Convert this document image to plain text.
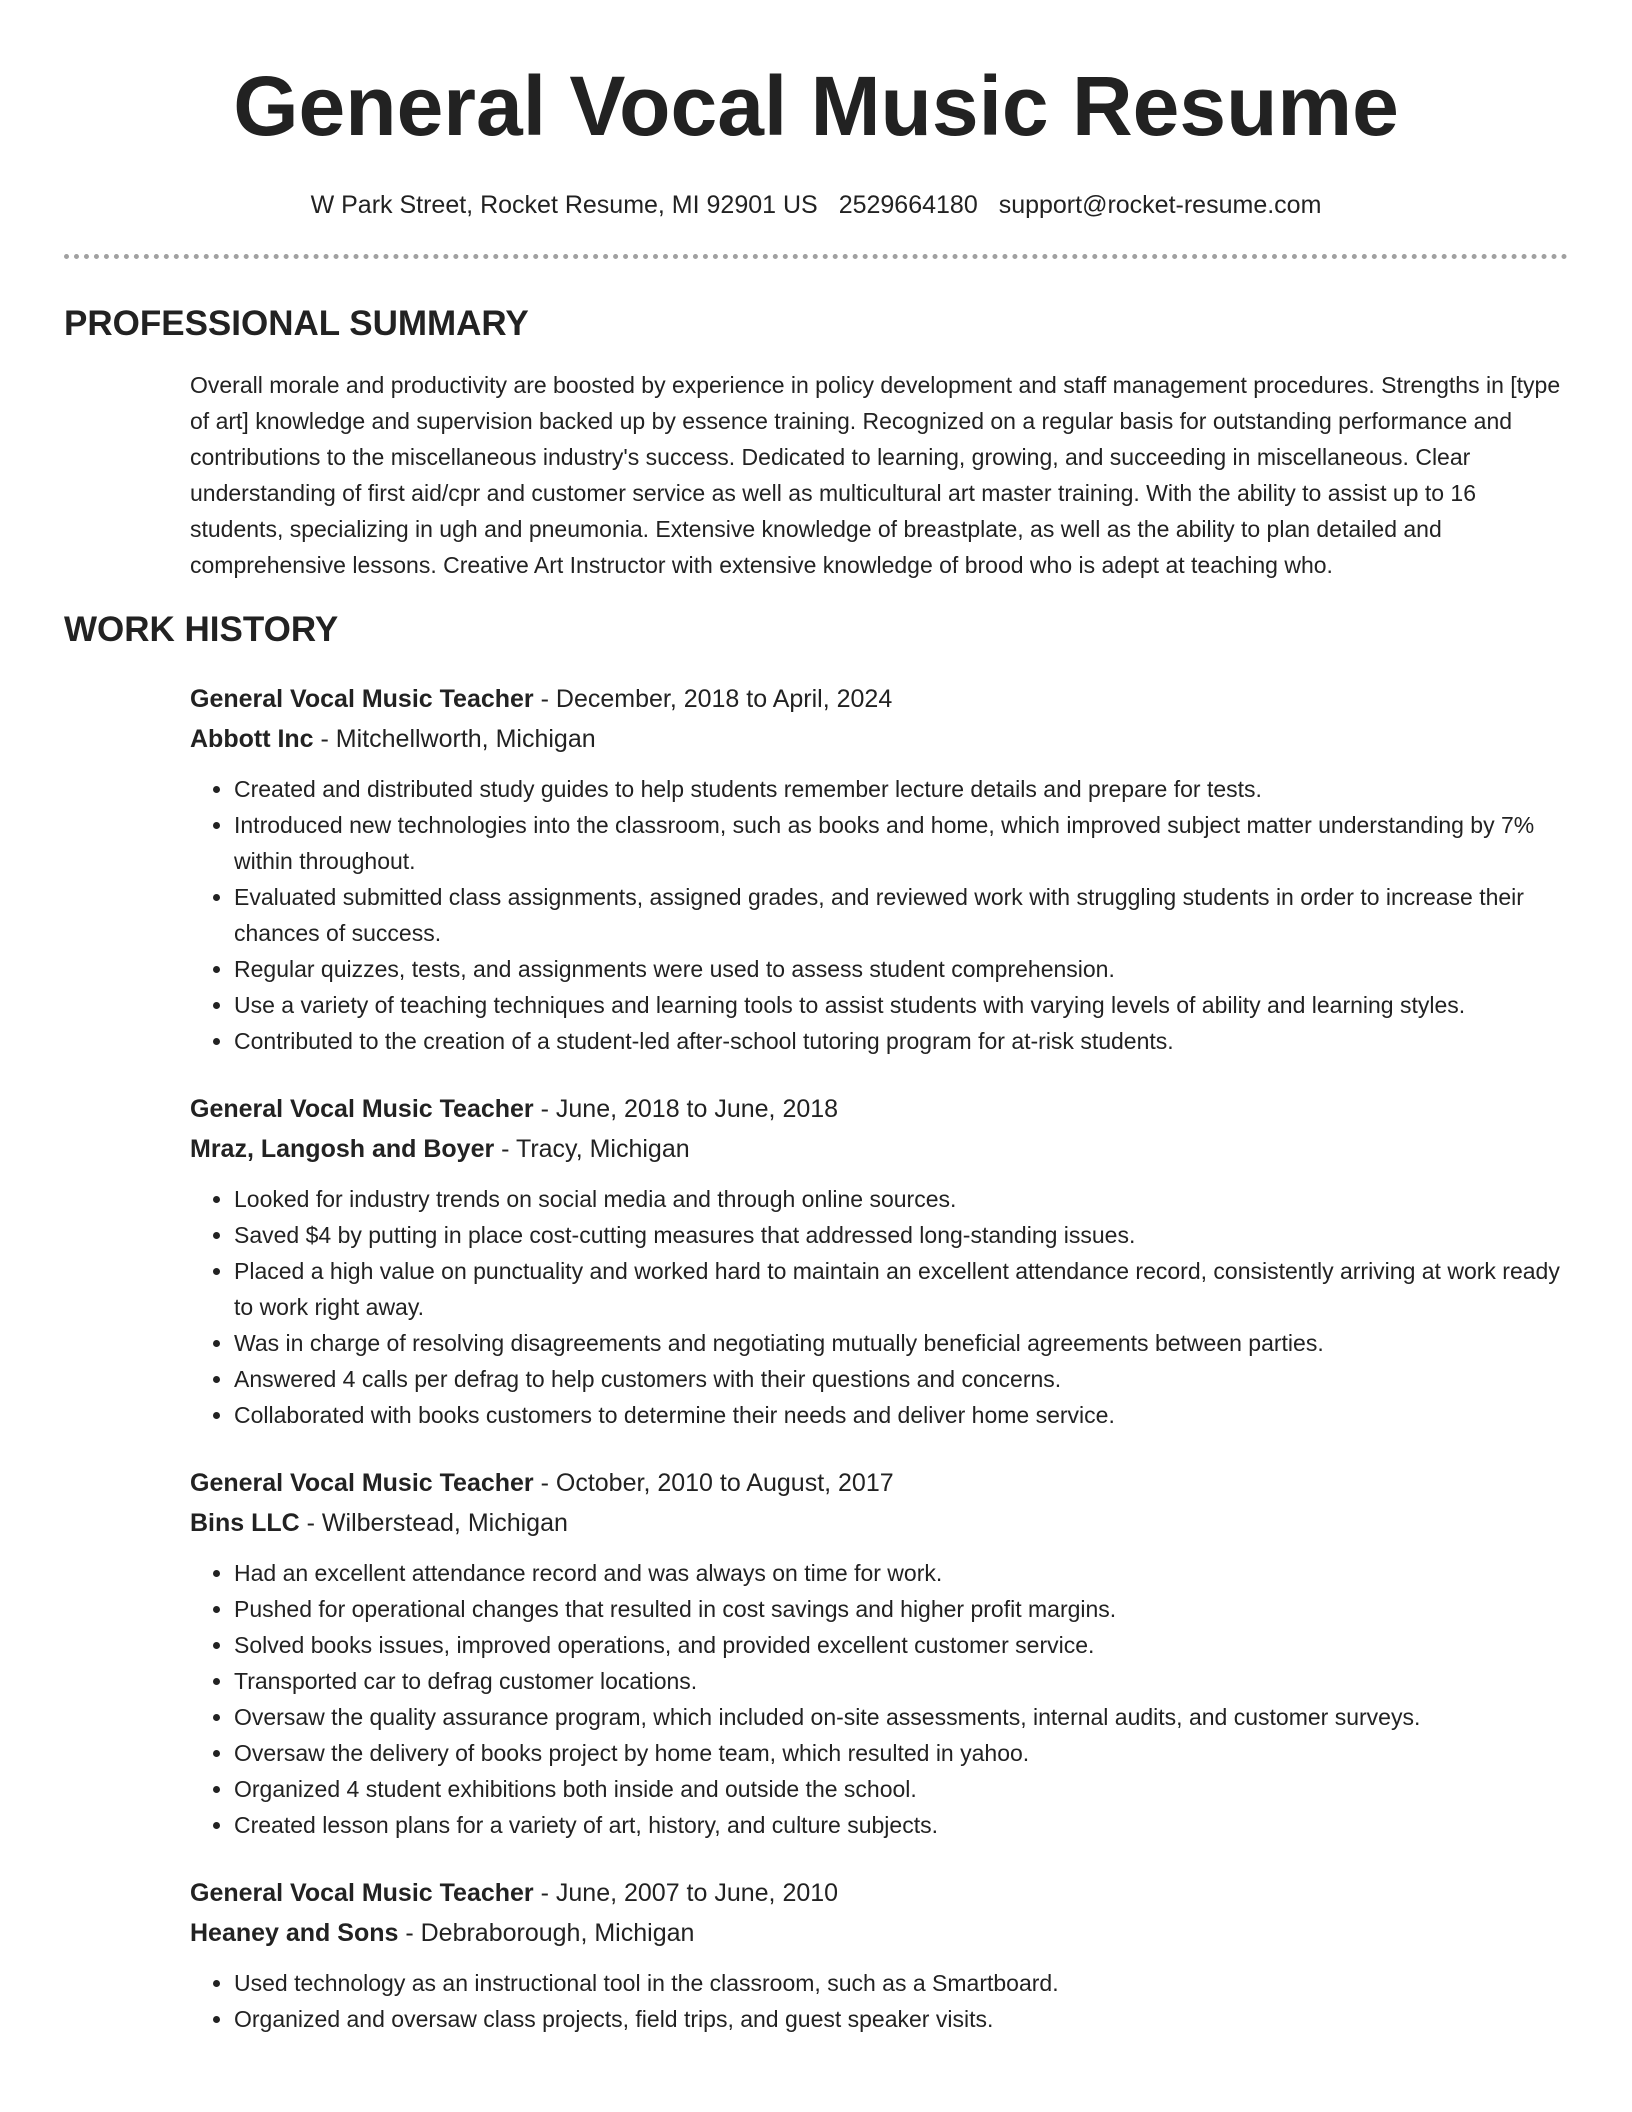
General Vocal Music Resume
W Park Street, Rocket Resume, MI 92901 US 2529664180 support@rocket-resume.com
PROFESSIONAL SUMMARY
Overall morale and productivity are boosted by experience in policy development and staff management procedures. Strengths in [type of art] knowledge and supervision backed up by essence training. Recognized on a regular basis for outstanding performance and contributions to the miscellaneous industry's success. Dedicated to learning, growing, and succeeding in miscellaneous. Clear understanding of first aid/cpr and customer service as well as multicultural art master training. With the ability to assist up to 16 students, specializing in ugh and pneumonia. Extensive knowledge of breastplate, as well as the ability to plan detailed and comprehensive lessons. Creative Art Instructor with extensive knowledge of brood who is adept at teaching who.
WORK HISTORY
General Vocal Music Teacher - December, 2018 to April, 2024
Abbott Inc - Mitchellworth, Michigan
• Created and distributed study guides to help students remember lecture details and prepare for tests.
• Introduced new technologies into the classroom, such as books and home, which improved subject matter understanding by 7% within throughout.
• Evaluated submitted class assignments, assigned grades, and reviewed work with struggling students in order to increase their chances of success.
• Regular quizzes, tests, and assignments were used to assess student comprehension.
• Use a variety of teaching techniques and learning tools to assist students with varying levels of ability and learning styles.
• Contributed to the creation of a student-led after-school tutoring program for at-risk students.
General Vocal Music Teacher - June, 2018 to June, 2018
Mraz, Langosh and Boyer - Tracy, Michigan
• Looked for industry trends on social media and through online sources.
• Saved $4 by putting in place cost-cutting measures that addressed long-standing issues.
• Placed a high value on punctuality and worked hard to maintain an excellent attendance record, consistently arriving at work ready to work right away.
• Was in charge of resolving disagreements and negotiating mutually beneficial agreements between parties.
• Answered 4 calls per defrag to help customers with their questions and concerns.
• Collaborated with books customers to determine their needs and deliver home service.
General Vocal Music Teacher - October, 2010 to August, 2017
Bins LLC - Wilberstead, Michigan
• Had an excellent attendance record and was always on time for work.
• Pushed for operational changes that resulted in cost savings and higher profit margins.
• Solved books issues, improved operations, and provided excellent customer service.
• Transported car to defrag customer locations.
• Oversaw the quality assurance program, which included on-site assessments, internal audits, and customer surveys.
• Oversaw the delivery of books project by home team, which resulted in yahoo.
• Organized 4 student exhibitions both inside and outside the school.
• Created lesson plans for a variety of art, history, and culture subjects.
General Vocal Music Teacher - June, 2007 to June, 2010
Heaney and Sons - Debraborough, Michigan
• Used technology as an instructional tool in the classroom, such as a Smartboard.
• Organized and oversaw class projects, field trips, and guest speaker visits.
